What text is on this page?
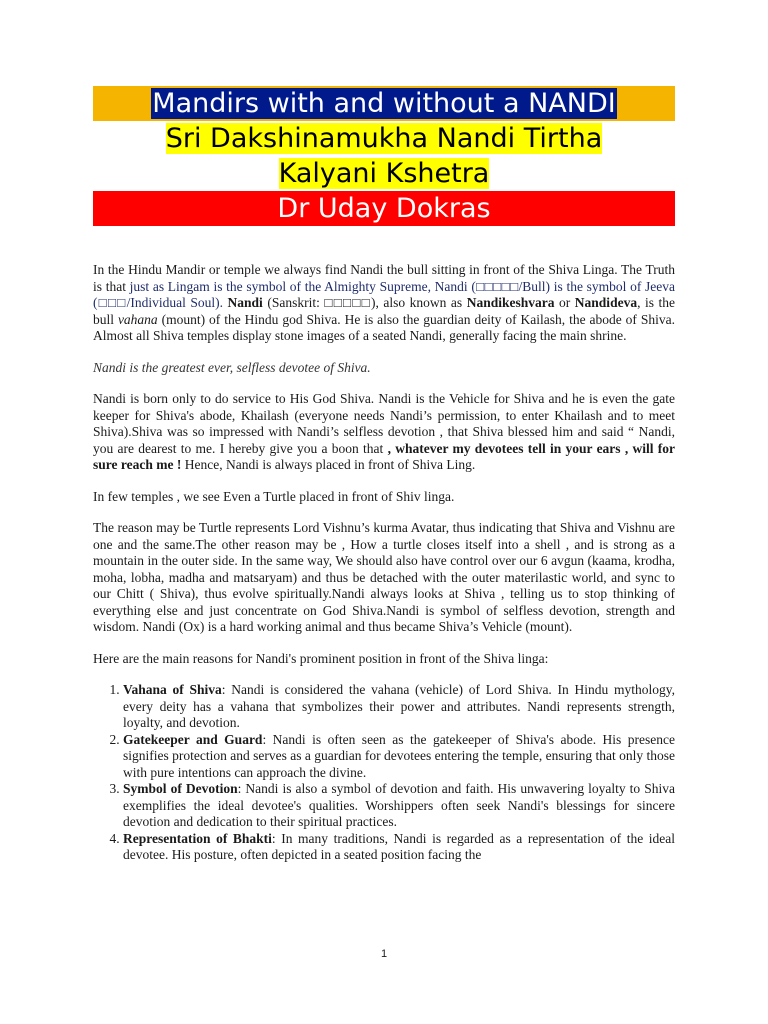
Mandirs with and without a NANDI
Sri Dakshinamukha Nandi Tirtha
Kalyani Kshetra
Dr Uday Dokras

In the Hindu Mandir or temple we always find Nandi the bull sitting in front of the Shiva Linga. The Truth is that just as Lingam is the symbol of the Almighty Supreme, Nandi (□□□□□/Bull) is the symbol of Jeeva (□□□/Individual Soul). Nandi (Sanskrit: □□□□□), also known as Nandikeshvara or Nandideva, is the bull vahana (mount) of the Hindu god Shiva. He is also the guardian deity of Kailash, the abode of Shiva. Almost all Shiva temples display stone images of a seated Nandi, generally facing the main shrine.

Nandi is the greatest ever, selfless devotee of Shiva.

Nandi is born only to do service to His God Shiva. Nandi is the Vehicle for Shiva and he is even the gate keeper for Shiva's abode, Khailash (everyone needs Nandi’s permission, to enter Khailash and to meet Shiva).Shiva was so impressed with Nandi’s selfless devotion , that Shiva blessed him and said “ Nandi, you are dearest to me. I hereby give you a boon that , whatever my devotees tell in your ears , will for sure reach me ! Hence, Nandi is always placed in front of Shiva Ling.

In few temples , we see Even a Turtle placed in front of Shiv linga.

The reason may be Turtle represents Lord Vishnu’s kurma Avatar, thus indicating that Shiva and Vishnu are one and the same.The other reason may be , How a turtle closes itself into a shell , and is strong as a mountain in the outer side. In the same way, We should also have control over our 6 avgun (kaama, krodha, moha, lobha, madha and matsaryam) and thus be detached with the outer materilastic world, and sync to our Chitt ( Shiva), thus evolve spiritually.Nandi always looks at Shiva , telling us to stop thinking of everything else and just concentrate on God Shiva.Nandi is symbol of selfless devotion, strength and wisdom. Nandi (Ox) is a hard working animal and thus became Shiva’s Vehicle (mount).

Here are the main reasons for Nandi's prominent position in front of the Shiva linga:

1. Vahana of Shiva: Nandi is considered the vahana (vehicle) of Lord Shiva. In Hindu mythology, every deity has a vahana that symbolizes their power and attributes. Nandi represents strength, loyalty, and devotion.
2. Gatekeeper and Guard: Nandi is often seen as the gatekeeper of Shiva's abode. His presence signifies protection and serves as a guardian for devotees entering the temple, ensuring that only those with pure intentions can approach the divine.
3. Symbol of Devotion: Nandi is also a symbol of devotion and faith. His unwavering loyalty to Shiva exemplifies the ideal devotee's qualities. Worshippers often seek Nandi's blessings for sincere devotion and dedication to their spiritual practices.
4. Representation of Bhakti: In many traditions, Nandi is regarded as a representation of the ideal devotee. His posture, often depicted in a seated position facing the
1
